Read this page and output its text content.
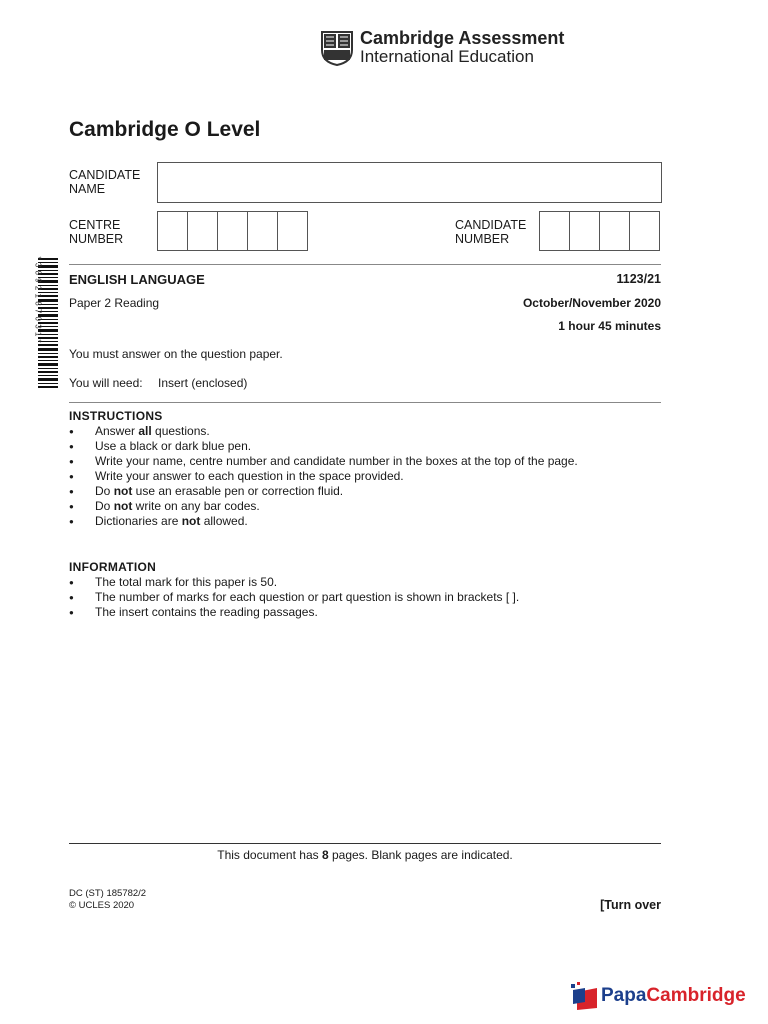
Cambridge Assessment
International Education
Cambridge O Level
CANDIDATE
NAME
CENTRE
NUMBER
CANDIDATE
NUMBER
* 3 8 9 2 1 8 7 0 3 1 * ENGLISH LANGUAGE	1123/21
Paper 2 Reading	October/November 2020
1 hour 45 minutes
You must answer on the question paper.
You will need: Insert (enclosed)
INSTRUCTIONS
● Answer all questions.
● Use a black or dark blue pen.
● Write your name, centre number and candidate number in the boxes at the top of the page.
● Write your answer to each question in the space provided.
● Do not use an erasable pen or correction fluid.
● Do not write on any bar codes.
● Dictionaries are not allowed.
INFORMATION
● The total mark for this paper is 50.
● The number of marks for each question or part question is shown in brackets [ ].
● The insert contains the reading passages.
This document has 8 pages. Blank pages are indicated.
DC (ST) 185782/2
© UCLES 2020	[Turn over
PapaCambridge
